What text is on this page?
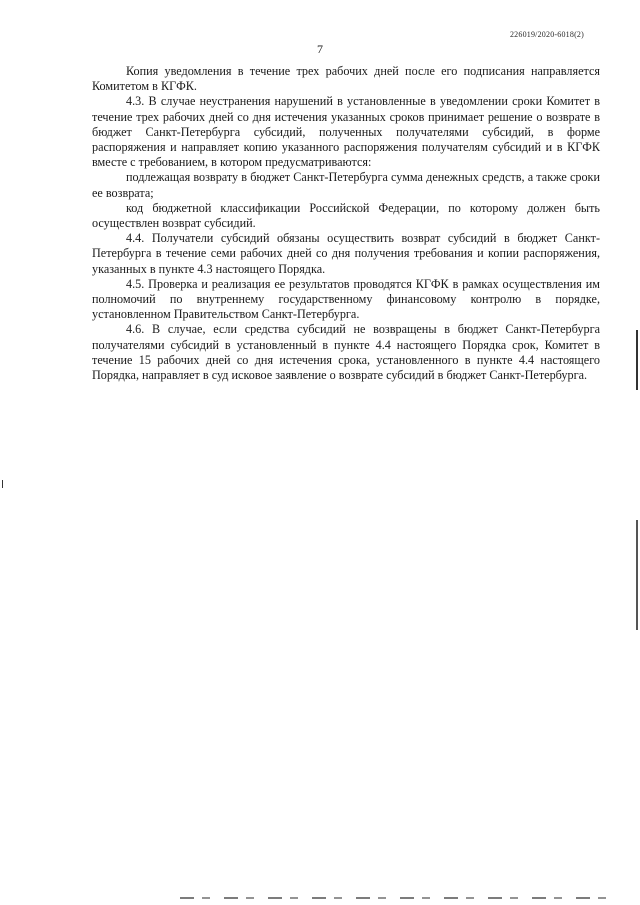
226019/2020-6018(2)
7

Копия уведомления в течение трех рабочих дней после его подписания направляется Комитетом в КГФК.

4.3. В случае неустранения нарушений в установленные в уведомлении сроки Комитет в течение трех рабочих дней со дня истечения указанных сроков принимает решение о возврате в бюджет Санкт-Петербурга субсидий, полученных получателями субсидий, в форме распоряжения и направляет копию указанного распоряжения получателям субсидий и в КГФК вместе с требованием, в котором предусматриваются:

подлежащая возврату в бюджет Санкт-Петербурга сумма денежных средств, а также сроки ее возврата;

код бюджетной классификации Российской Федерации, по которому должен быть осуществлен возврат субсидий.

4.4. Получатели субсидий обязаны осуществить возврат субсидий в бюджет Санкт-Петербурга в течение семи рабочих дней со дня получения требования и копии распоряжения, указанных в пункте 4.3 настоящего Порядка.

4.5. Проверка и реализация ее результатов проводятся КГФК в рамках осуществления им полномочий по внутреннему государственному финансовому контролю в порядке, установленном Правительством Санкт-Петербурга.

4.6. В случае, если средства субсидий не возвращены в бюджет Санкт-Петербурга получателями субсидий в установленный в пункте 4.4 настоящего Порядка срок, Комитет в течение 15 рабочих дней со дня истечения срока, установленного в пункте 4.4 настоящего Порядка, направляет в суд исковое заявление о возврате субсидий в бюджет Санкт-Петербурга.
